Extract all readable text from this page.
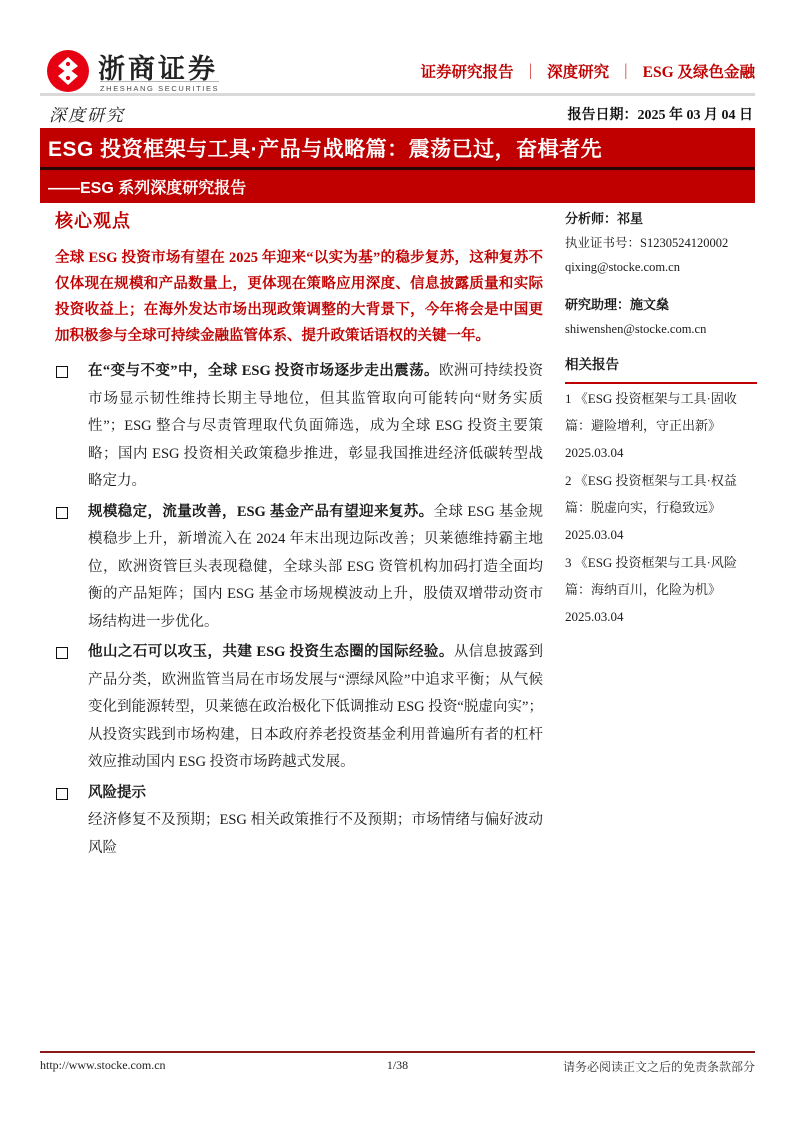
浙商证券
ZHESHANG SECURITIES
证券研究报告 ｜ 深度研究 ｜ ESG 及绿色金融
深度研究	报告日期：2025 年 03 月 04 日
ESG 投资框架与工具·产品与战略篇：震荡已过，奋楫者先
——ESG 系列深度研究报告
核心观点
全球 ESG 投资市场有望在 2025 年迎来“以实为基”的稳步复苏，这种复苏不仅体现在规模和产品数量上，更体现在策略应用深度、信息披露质量和实际投资收益上；在海外发达市场出现政策调整的大背景下，今年将会是中国更加积极参与全球可持续金融监管体系、提升政策话语权的关键一年。
在“变与不变”中，全球 ESG 投资市场逐步走出震荡。欧洲可持续投资市场显示韧性维持长期主导地位，但其监管取向可能转向“财务实质性”；ESG 整合与尽责管理取代负面筛选，成为全球 ESG 投资主要策略；国内 ESG 投资相关政策稳步推进，彰显我国推进经济低碳转型战略定力。
规模稳定，流量改善，ESG 基金产品有望迎来复苏。全球 ESG 基金规模稳步上升，新增流入在 2024 年末出现边际改善；贝莱德维持霸主地位，欧洲资管巨头表现稳健，全球头部 ESG 资管机构加码打造全面均衡的产品矩阵；国内 ESG 基金市场规模波动上升，股债双增带动资市场结构进一步优化。
他山之石可以攻玉，共建 ESG 投资生态圈的国际经验。从信息披露到产品分类，欧洲监管当局在市场发展与“漂绿风险”中追求平衡；从气候变化到能源转型，贝莱德在政治极化下低调推动 ESG 投资“脱虚向实”；从投资实践到市场构建，日本政府养老投资基金利用普遍所有者的杠杆效应推动国内 ESG 投资市场跨越式发展。
风险提示
经济修复不及预期；ESG 相关政策推行不及预期；市场情绪与偏好波动风险
分析师：祁星
执业证书号：S1230524120002
qixing@stocke.com.cn
研究助理：施文燊
shiwenshen@stocke.com.cn
相关报告
1 《ESG 投资框架与工具·固收篇：避险增利，守正出新》
2025.03.04
2 《ESG 投资框架与工具·权益篇：脱虚向实，行稳致远》
2025.03.04
3 《ESG 投资框架与工具·风险篇：海纳百川，化险为机》
2025.03.04
1/38
http://www.stocke.com.cn	请务必阅读正文之后的免责条款部分
